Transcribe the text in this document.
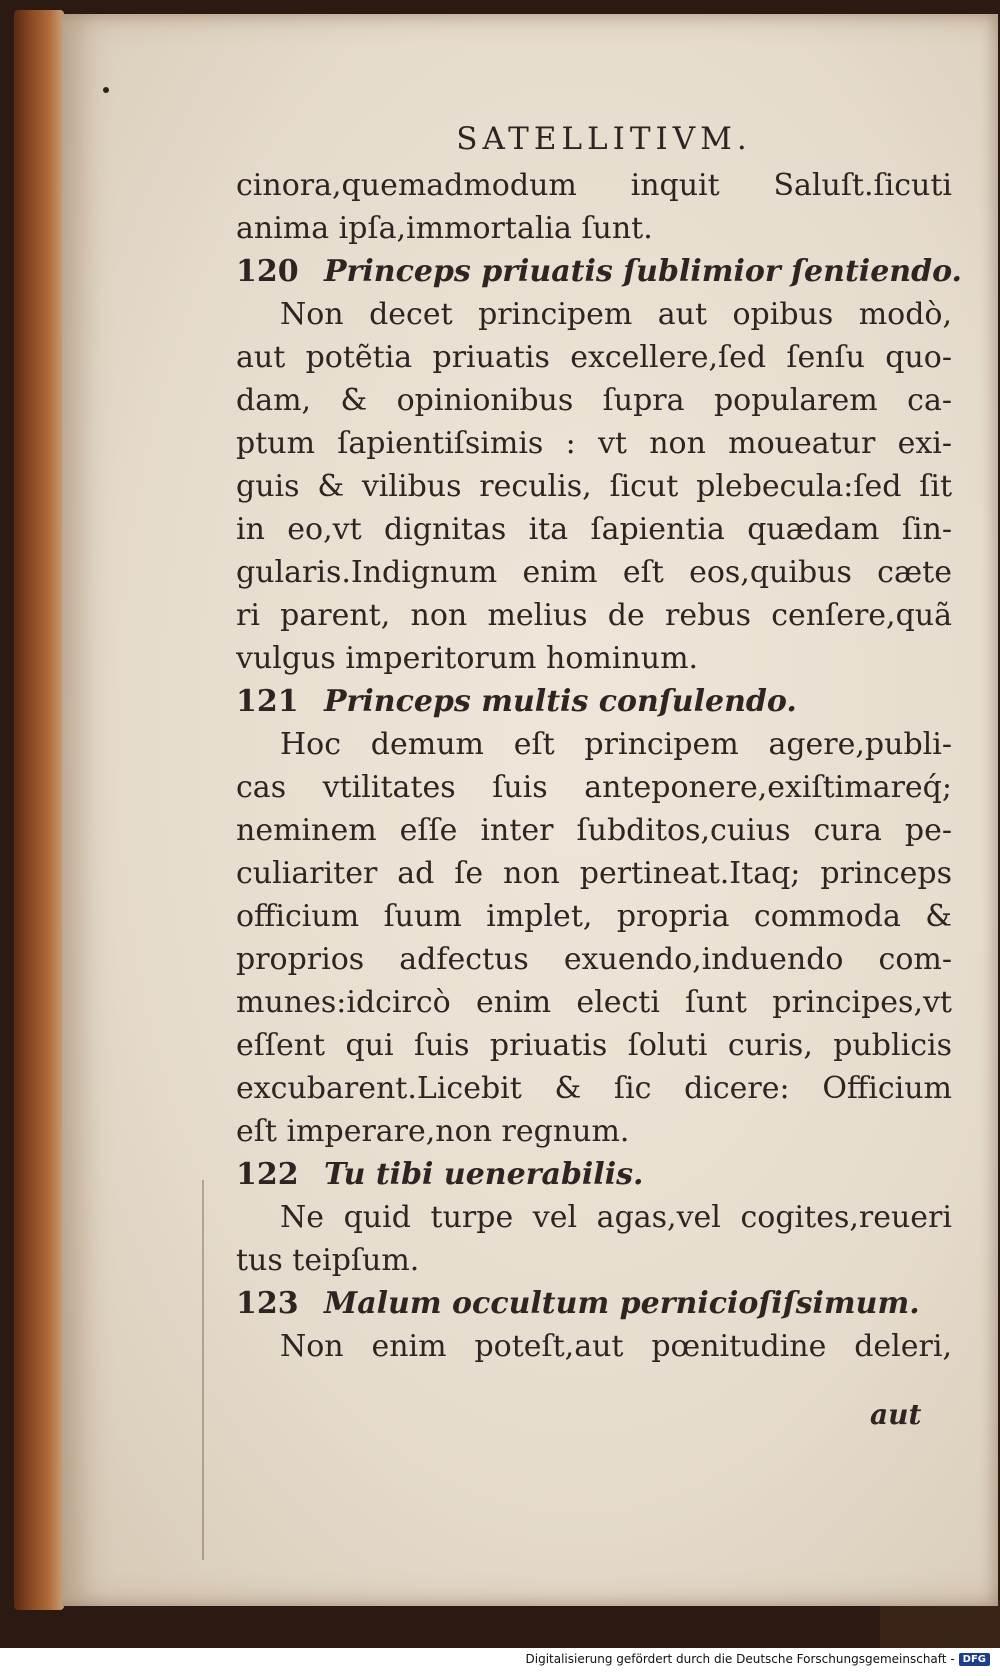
SATELLITIVM.
cinora,quemadmodum inquit Saluſt.ſicuti
anima ipſa,immortalia ſunt.
120 Princeps priuatis ſublimior ſentiendo.
Non decet principem aut opibus modò,
aut potẽtia priuatis excellere,ſed ſenſu quo-
dam, & opinionibus ſupra popularem ca-
ptum ſapientiſsimis : vt non moueatur exi-
guis & vilibus reculis, ſicut plebecula:ſed ſit
in eo,vt dignitas ita ſapientia quædam ſin-
gularis.Indignum enim eſt eos,quibus cæte
ri parent, non melius de rebus cenſere,quã
vulgus imperitorum hominum.
121 Princeps multis conſulendo.
Hoc demum eſt principem agere,publi-
cas vtilitates ſuis anteponere,exiſtimareq́;
neminem eſſe inter ſubditos,cuius cura pe-
culiariter ad ſe non pertineat.Itaq; princeps
officium ſuum implet, propria commoda &
proprios adfectus exuendo,induendo com-
munes:idcircò enim electi ſunt principes,vt
eſſent qui ſuis priuatis ſoluti curis, publicis
excubarent.Licebit & ſic dicere: Officium
eſt imperare,non regnum.
122 Tu tibi uenerabilis.
Ne quid turpe vel agas,vel cogites,reueri
tus teipſum.
123 Malum occultum pernicioſiſsimum.
Non enim poteſt,aut pœnitudine deleri,
aut
Digitalisierung gefördert durch die Deutsche Forschungsgemeinschaft - DFG
